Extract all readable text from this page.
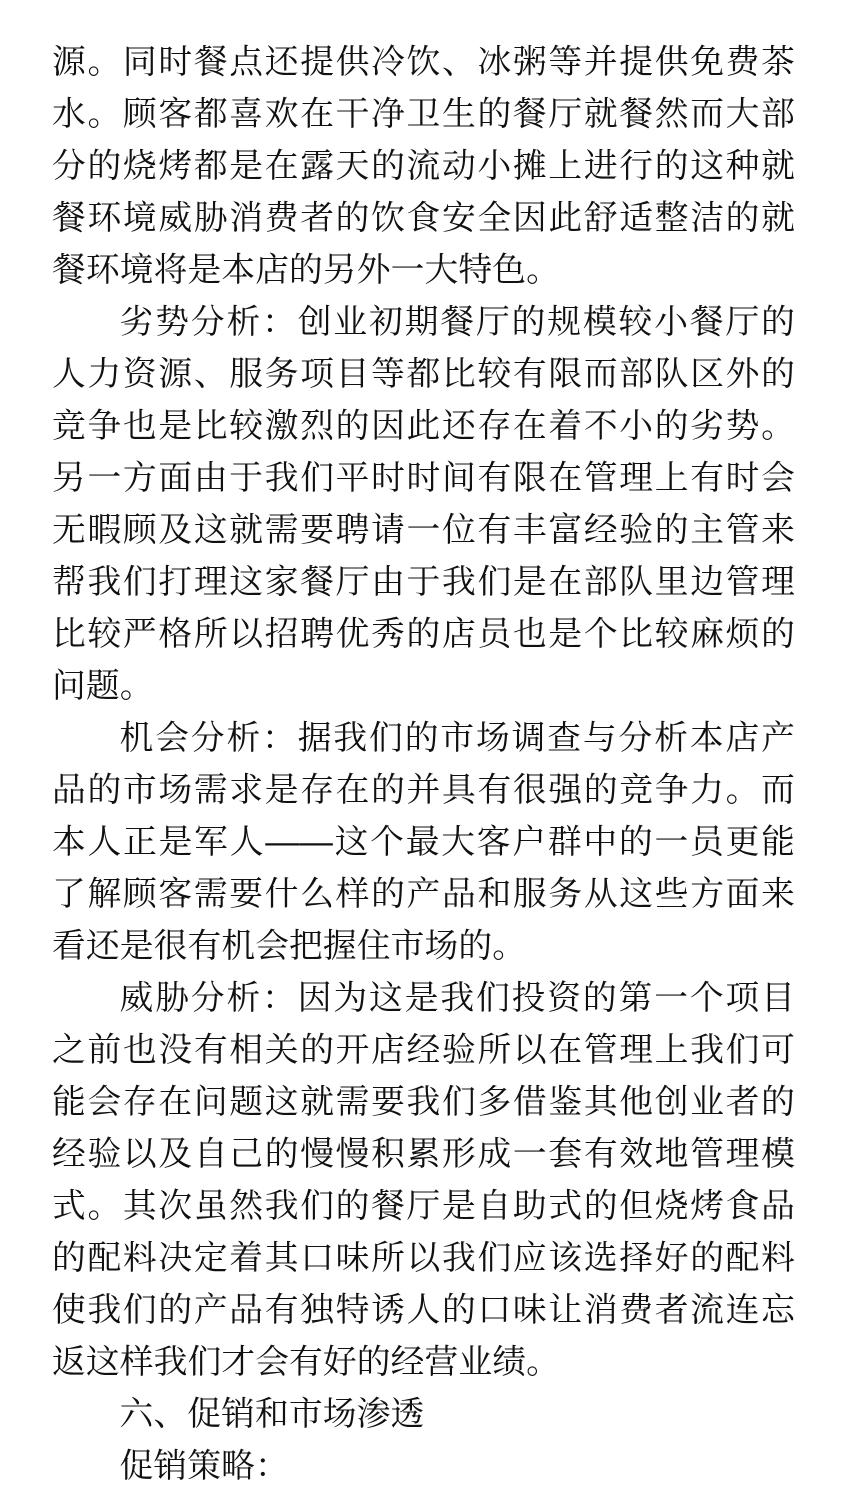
源。同时餐点还提供冷饮、冰粥等并提供免费茶水。顾客都喜欢在干净卫生的餐厅就餐然而大部分的烧烤都是在露天的流动小摊上进行的这种就餐环境威胁消费者的饮食安全因此舒适整洁的就餐环境将是本店的另外一大特色。

劣势分析：创业初期餐厅的规模较小餐厅的人力资源、服务项目等都比较有限而部队区外的竞争也是比较激烈的因此还存在着不小的劣势。另一方面由于我们平时时间有限在管理上有时会无暇顾及这就需要聘请一位有丰富经验的主管来帮我们打理这家餐厅由于我们是在部队里边管理比较严格所以招聘优秀的店员也是个比较麻烦的问题。

机会分析：据我们的市场调查与分析本店产品的市场需求是存在的并具有很强的竞争力。而本人正是军人——这个最大客户群中的一员更能了解顾客需要什么样的产品和服务从这些方面来看还是很有机会把握住市场的。

威胁分析：因为这是我们投资的第一个项目之前也没有相关的开店经验所以在管理上我们可能会存在问题这就需要我们多借鉴其他创业者的经验以及自己的慢慢积累形成一套有效地管理模式。其次虽然我们的餐厅是自助式的但烧烤食品的配料决定着其口味所以我们应该选择好的配料使我们的产品有独特诱人的口味让消费者流连忘返这样我们才会有好的经营业绩。

六、促销和市场渗透

促销策略：
